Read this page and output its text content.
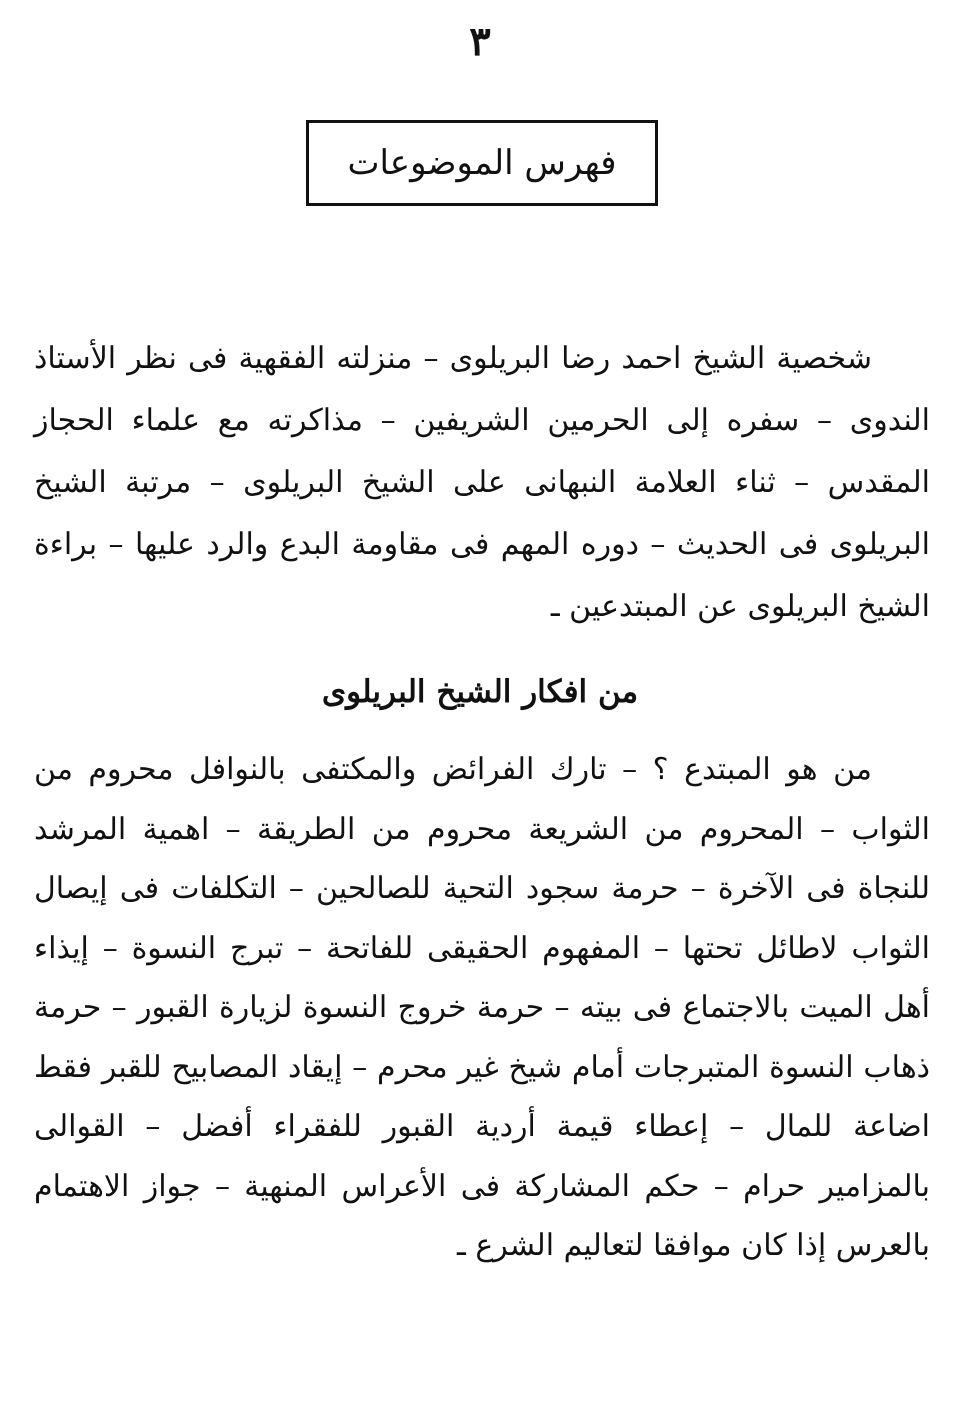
٣
فهرس الموضوعات

شخصية الشيخ احمد رضا البريلوى – منزلته الفقهية فى نظر الأستاذ الندوى – سفره إلى الحرمين الشريفين – مذاكرته مع علماء الحجاز المقدس – ثناء العلامة النبهانى على الشيخ البريلوى – مرتبة الشيخ البريلوى فى الحديث – دوره المهم فى مقاومة البدع والرد عليها – براءة الشيخ البريلوى عن المبتدعين ـ

من افكار الشيخ البريلوى

من هو المبتدع ؟ – تارك الفرائض والمكتفى بالنوافل محروم من الثواب – المحروم من الشريعة محروم من الطريقة – اهمية المرشد للنجاة فى الآخرة – حرمة سجود التحية للصالحين – التكلفات فى إيصال الثواب لاطائل تحتها – المفهوم الحقيقى للفاتحة – تبرج النسوة – إيذاء أهل الميت بالاجتماع فى بيته – حرمة خروج النسوة لزيارة القبور – حرمة ذهاب النسوة المتبرجات أمام شيخ غير محرم – إيقاد المصابيح للقبر فقط اضاعة للمال – إعطاء قيمة أردية القبور للفقراء أفضل – القوالى بالمزامير حرام – حكم المشاركة فى الأعراس المنهية – جواز الاهتمام بالعرس إذا كان موافقا لتعاليم الشرع ـ
